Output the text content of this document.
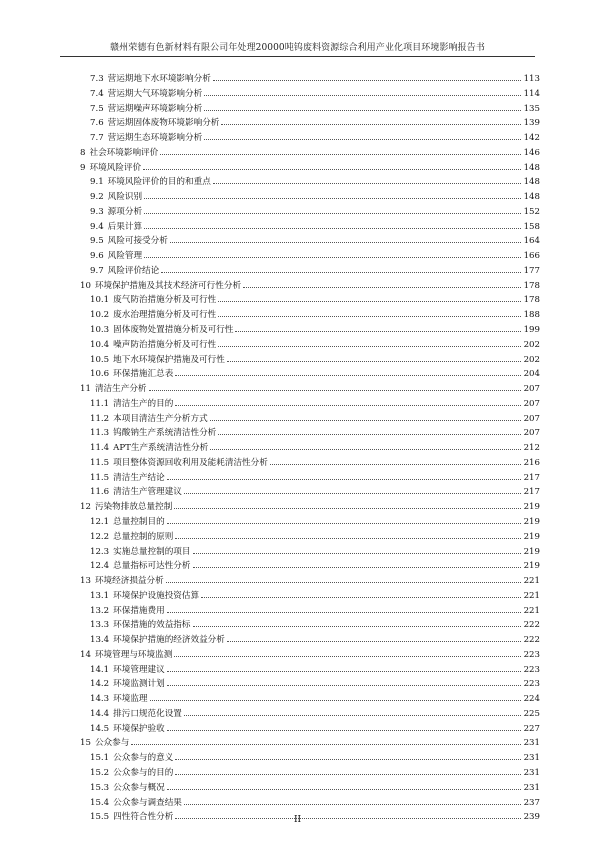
赣州荣德有色新材料有限公司年处理20000吨钨废料资源综合利用产业化项目环境影响报告书
7.3 营运期地下水环境影响分析	113
7.4 营运期大气环境影响分析	114
7.5 营运期噪声环境影响分析	135
7.6 营运期固体废物环境影响分析	139
7.7 营运期生态环境影响分析	142
8 社会环境影响评价	146
9 环境风险评价	148
9.1 环境风险评价的目的和重点	148
9.2 风险识别	148
9.3 源项分析	152
9.4 后果计算	158
9.5 风险可接受分析	164
9.6 风险管理	166
9.7 风险评价结论	177
10 环境保护措施及其技术经济可行性分析	178
10.1 废气防治措施分析及可行性	178
10.2 废水治理措施分析及可行性	188
10.3 固体废物处置措施分析及可行性	199
10.4 噪声防治措施分析及可行性	202
10.5 地下水环境保护措施及可行性	202
10.6 环保措施汇总表	204
11 清洁生产分析	207
11.1 清洁生产的目的	207
11.2 本项目清洁生产分析方式	207
11.3 钨酸钠生产系统清洁性分析	207
11.4 APT生产系统清洁性分析	212
11.5 项目整体资源回收利用及能耗清洁性分析	216
11.5 清洁生产结论	217
11.6 清洁生产管理建议	217
12 污染物排放总量控制	219
12.1 总量控制目的	219
12.2 总量控制的原则	219
12.3 实施总量控制的项目	219
12.4 总量指标可达性分析	219
13 环境经济损益分析	221
13.1 环境保护设施投资估算	221
13.2 环保措施费用	221
13.3 环保措施的效益指标	222
13.4 环境保护措施的经济效益分析	222
14 环境管理与环境监测	223
14.1 环境管理建议	223
14.2 环境监测计划	223
14.3 环境监理	224
14.4 排污口规范化设置	225
14.5 环境保护验收	227
15 公众参与	231
15.1 公众参与的意义	231
15.2 公众参与的目的	231
15.3 公众参与概况	231
15.4 公众参与调查结果	237
15.5 四性符合性分析	239
II
